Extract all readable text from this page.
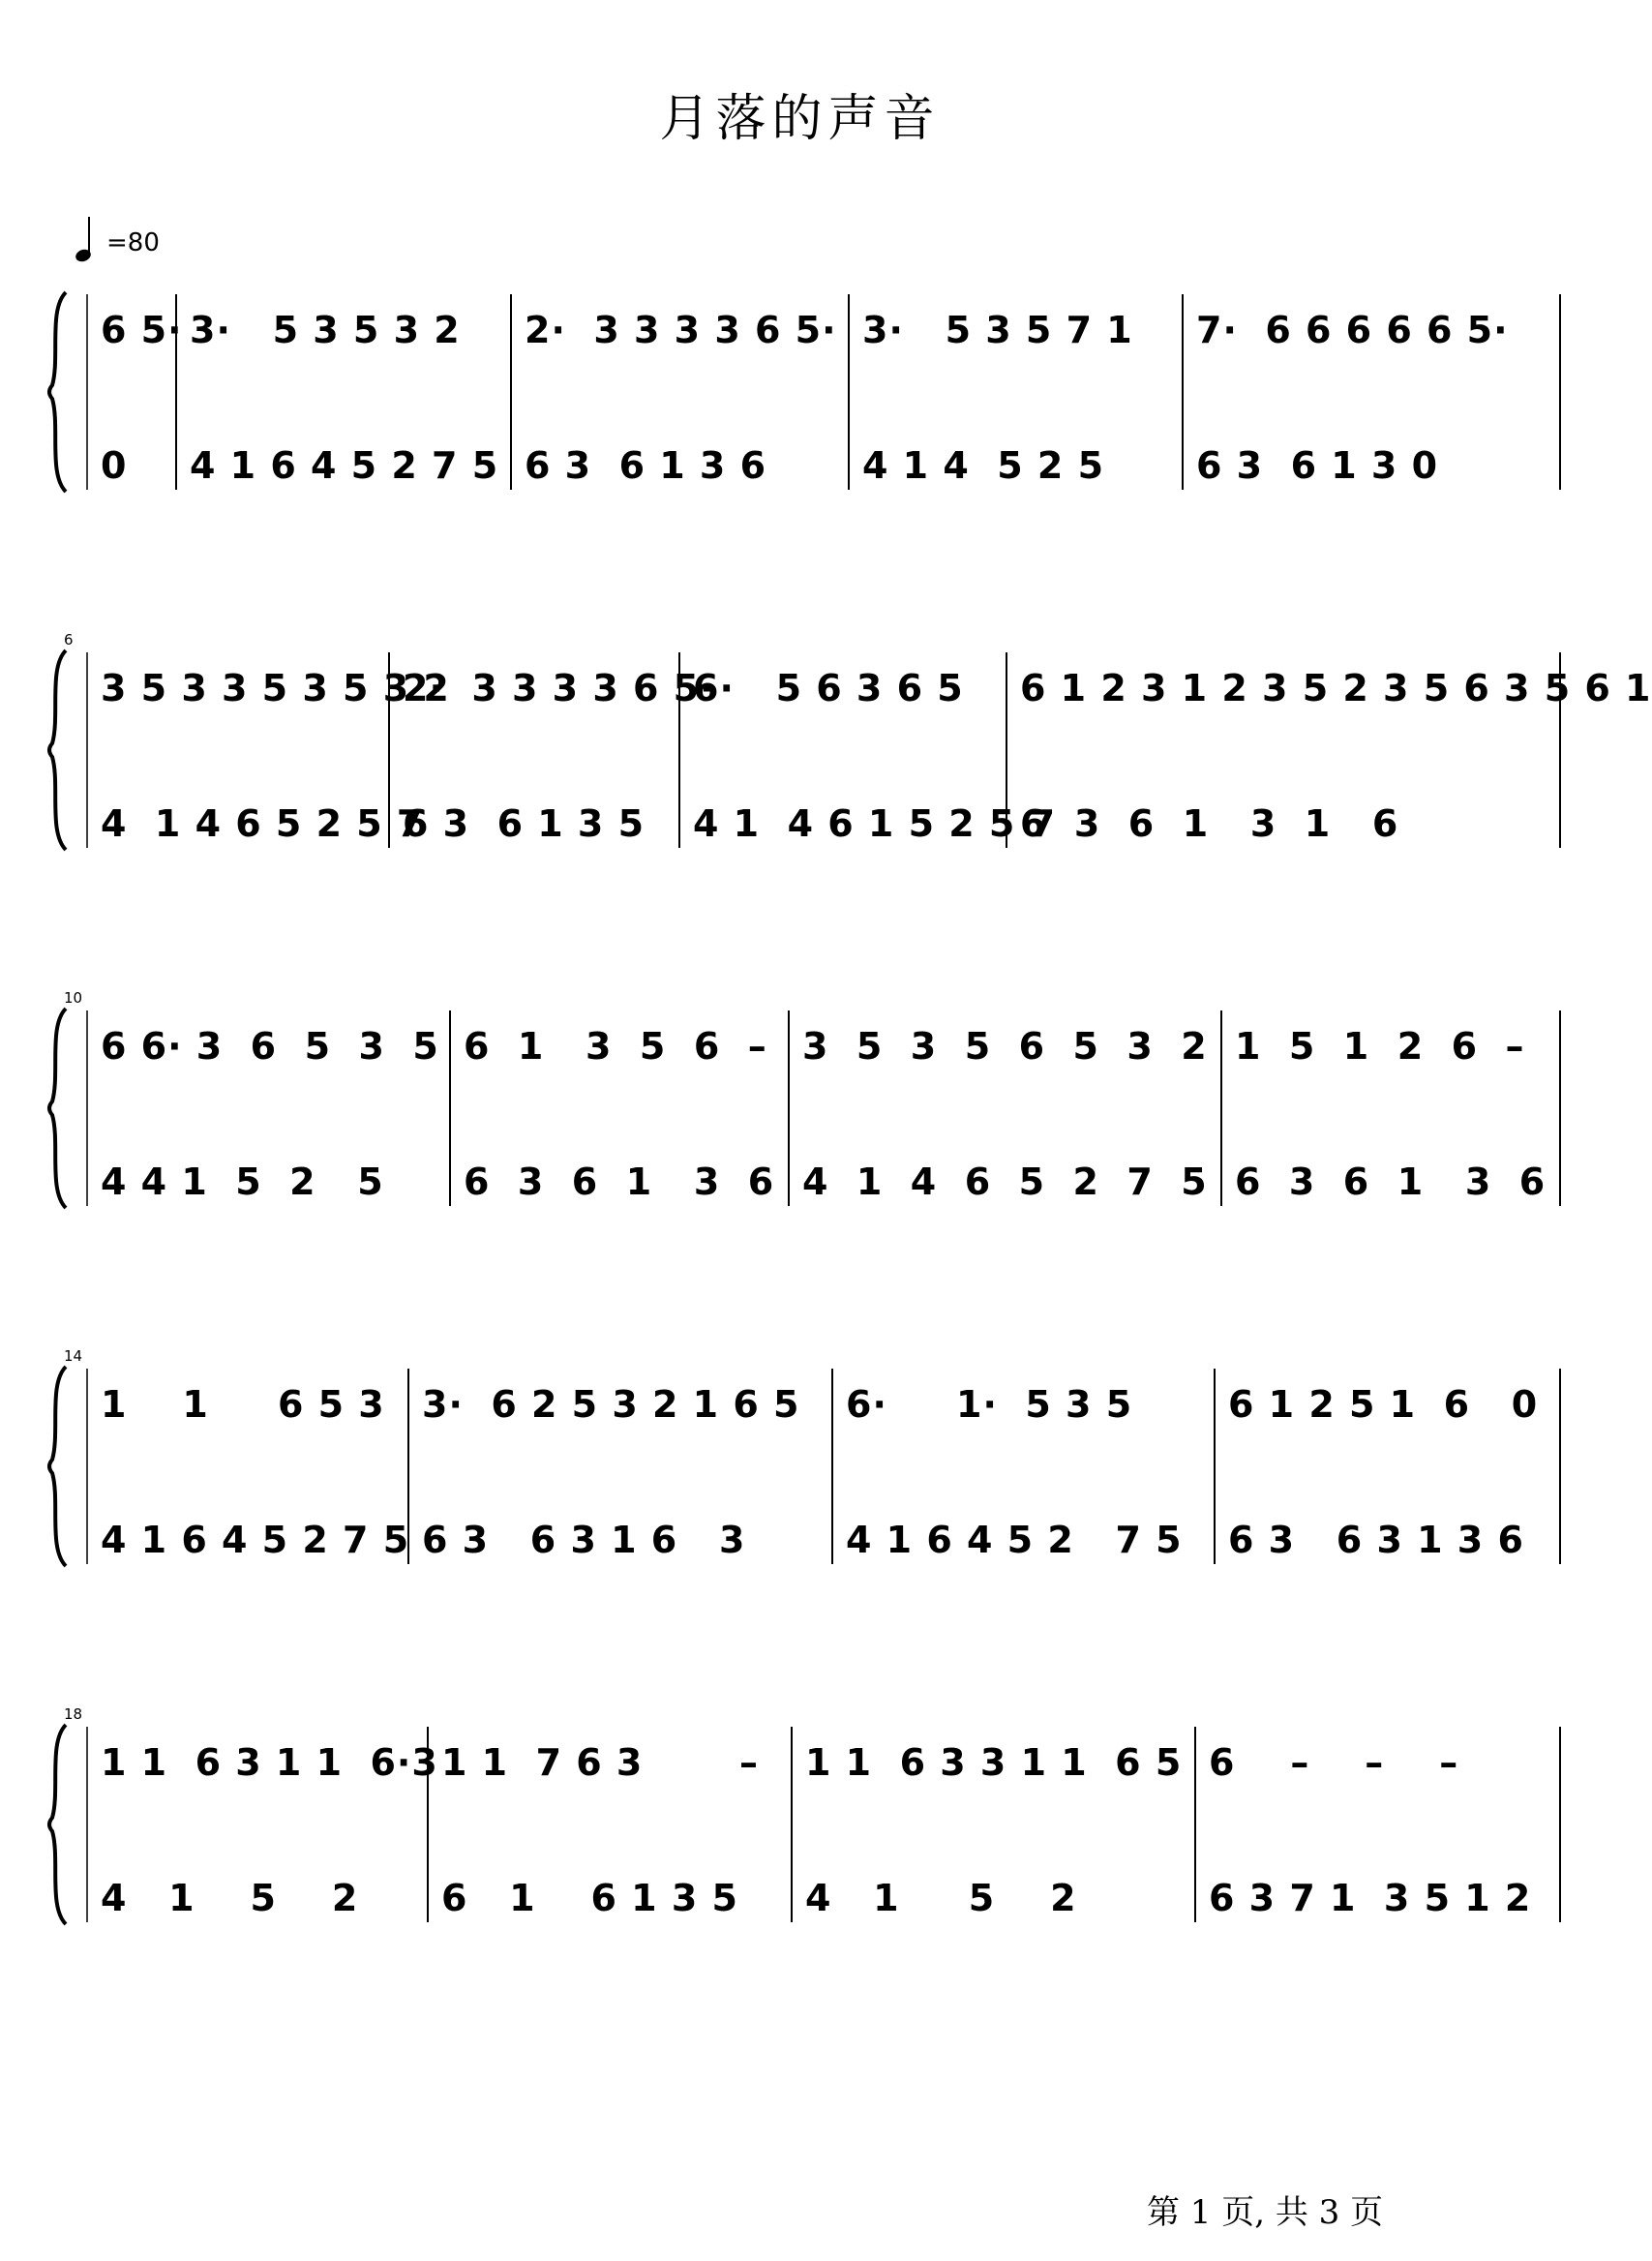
月落的声音
=80
6 5·
0
3·   5 3 5 3 2
4 1 6 4 5 2 7 5
2·  3 3 3 3 6 5·
6 3  6 1 3 6
3·   5 3 5 7 1
4 1 4  5 2 5
7·  6 6 6 6 6 5·
6 3  6 1 3 0
6
3 5 3 3 5 3 5 3 2
4  1 4 6 5 2 5 7
2·  3 3 3 3 6 5·
6 3  6 1 3 5
6·   5 6 3 6 5
4 1  4 6 1 5 2 5 7
6 1 2 3 1 2 3 5 2 3 5 6 3 5 6 1
6  3  6  1   3  1   6
10
6 6· 3  6  5  3  5
4 4 1  5  2   5
6  1   3  5  6  –
6  3  6  1   3  6
3  5  3  5  6  5  3  2
4  1  4  6  5  2  7  5
1  5  1  2  6  –
6  3  6  1   3  6
14
1    1     6 5 3
4 1 6 4 5 2 7 5
3·  6 2 5 3 2 1 6 5
6 3   6 3 1 6   3
6·     1·  5 3 5
4 1 6 4 5 2   7 5
6 1 2 5 1  6   0
6 3   6 3 1 3 6
18
1 1  6 3 1 1  6·3
4   1    5    2
1 1  7 6 3       –
6   1    6 1 3 5
1 1  6 3 3 1 1  6 5
4   1     5    2
6    –    –    –
6 3 7 1  3 5 1 2
第 1 页, 共 3 页
